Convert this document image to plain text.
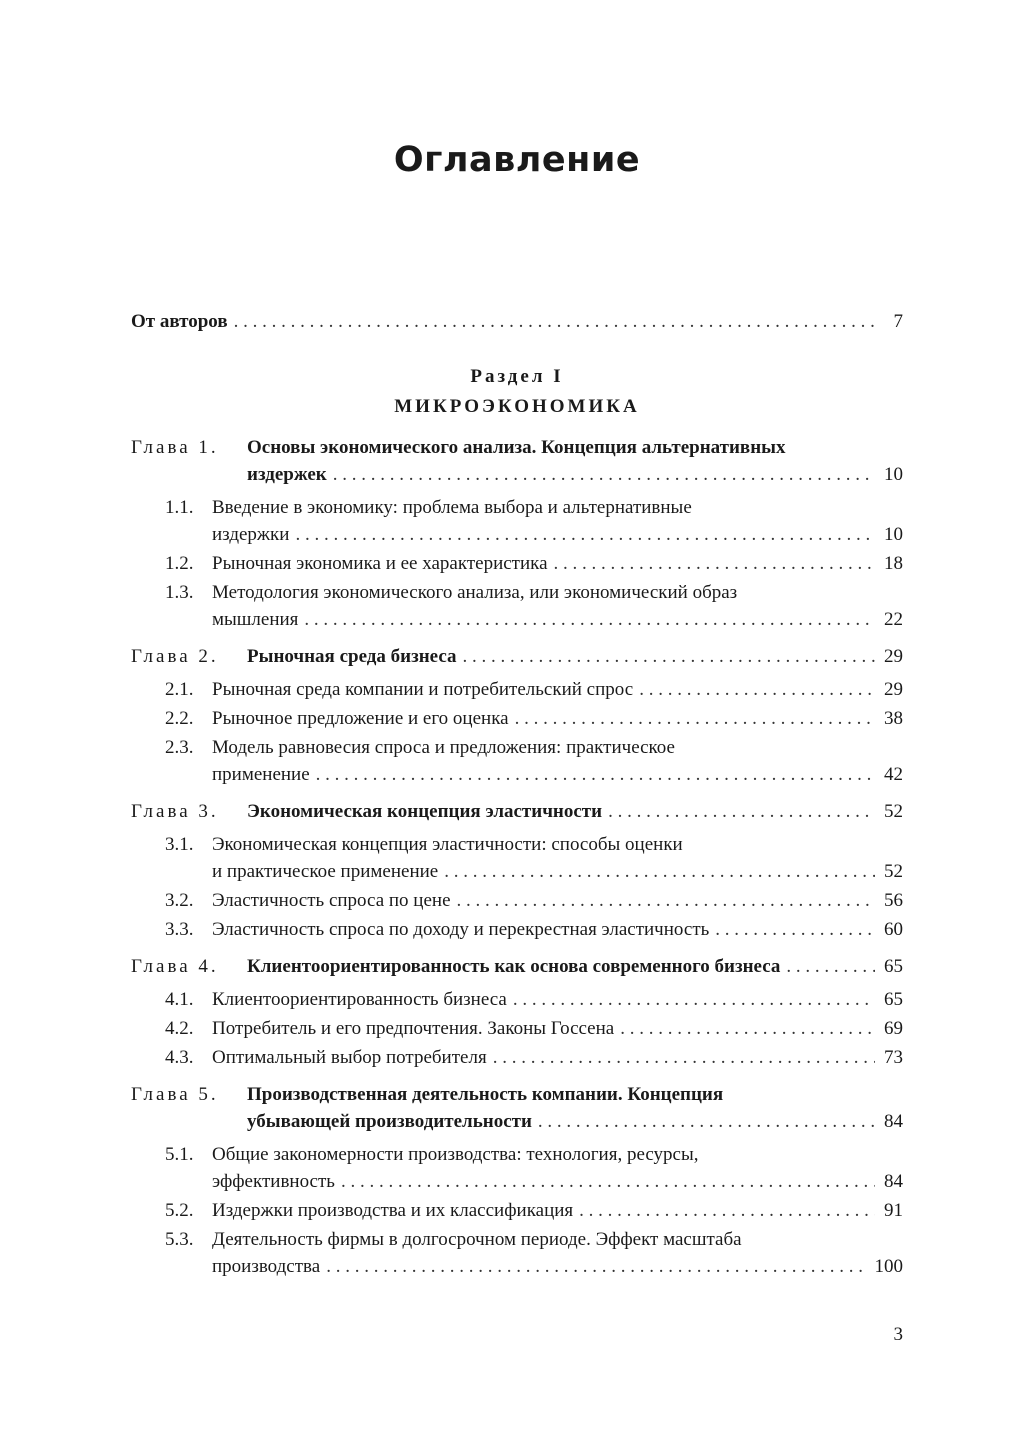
Оглавление
От авторов . . .	7
Раздел I
МИКРОЭКОНОМИКА
Глава 1. Основы экономического анализа. Концепция альтернативных
издержек . . .	10
1.1. Введение в экономику: проблема выбора и альтернативные
издержки . . .	10
1.2. Рыночная экономика и ее характеристика . . .	18
1.3. Методология экономического анализа, или экономический образ
мышления . . .	22
Глава 2. Рыночная среда бизнеса . . .	29
2.1. Рыночная среда компании и потребительский спрос . . .	29
2.2. Рыночное предложение и его оценка . . .	38
2.3. Модель равновесия спроса и предложения: практическое
применение . . .	42
Глава 3. Экономическая концепция эластичности . . .	52
3.1. Экономическая концепция эластичности: способы оценки
и практическое применение . . .	52
3.2. Эластичность спроса по цене . . .	56
3.3. Эластичность спроса по доходу и перекрестная эластичность . . .	60
Глава 4. Клиентоориентированность как основа современного бизнеса . . .	65
4.1. Клиентоориентированность бизнеса . . .	65
4.2. Потребитель и его предпочтения. Законы Госсена . . .	69
4.3. Оптимальный выбор потребителя . . .	73
Глава 5. Производственная деятельность компании. Концепция
убывающей производительности . . .	84
5.1. Общие закономерности производства: технология, ресурсы,
эффективность . . .	84
5.2. Издержки производства и их классификация . . .	91
5.3. Деятельность фирмы в долгосрочном периоде. Эффект масштаба
производства . . .	100
3
